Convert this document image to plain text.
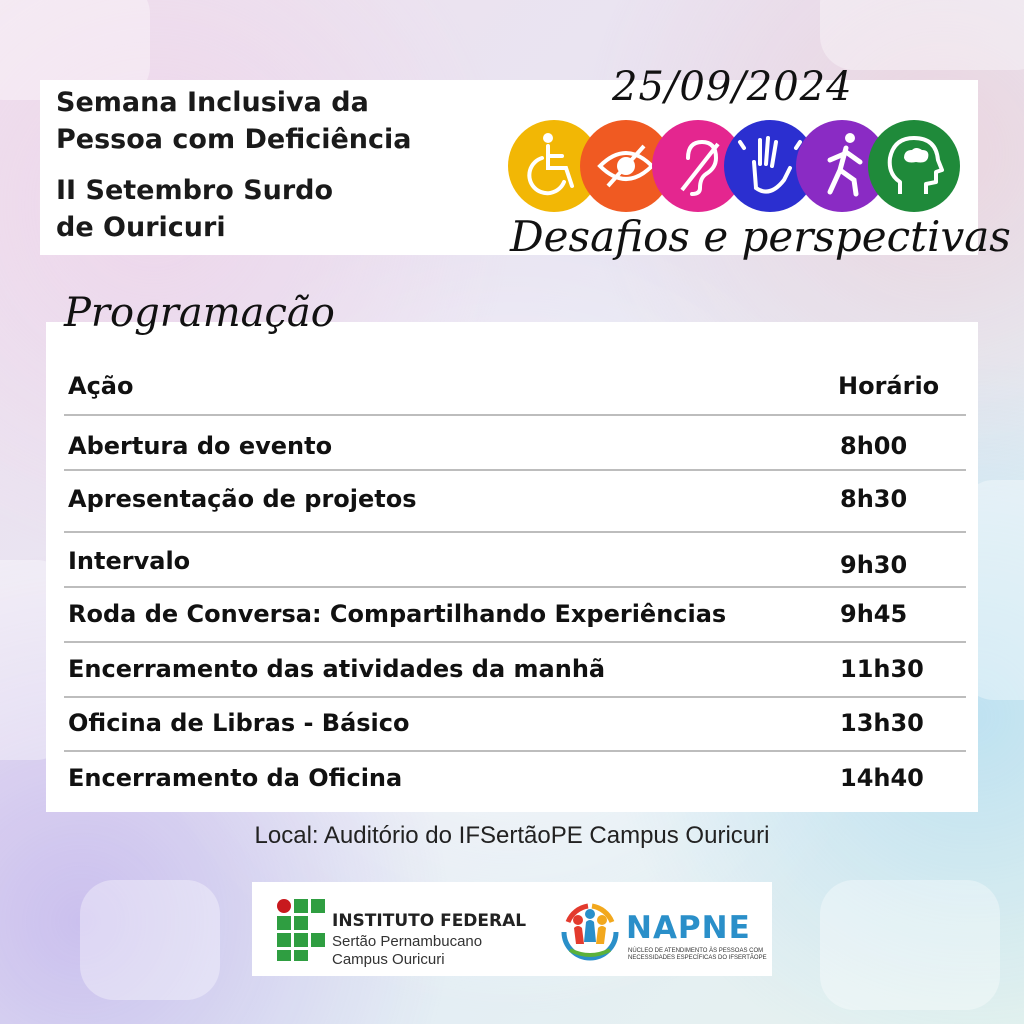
Semana Inclusiva da
Pessoa com Deficiência
II Setembro Surdo
de Ouricuri
25/09/2024
Desafios e perspectivas
Programação
Ação	Horário
Abertura do evento	8h00
Apresentação de projetos	8h30
Intervalo	9h30
Roda de Conversa: Compartilhando Experiências	9h45
Encerramento das atividades da manhã	11h30
Oficina de Libras - Básico	13h30
Encerramento da Oficina	14h40
Local: Auditório do IFSertãoPE Campus Ouricuri
INSTITUTO FEDERAL
Sertão Pernambucano
Campus Ouricuri
NAPNE
NÚCLEO DE ATENDIMENTO ÀS PESSOAS COM NECESSIDADES ESPECÍFICAS DO IFSERTÃOPE
